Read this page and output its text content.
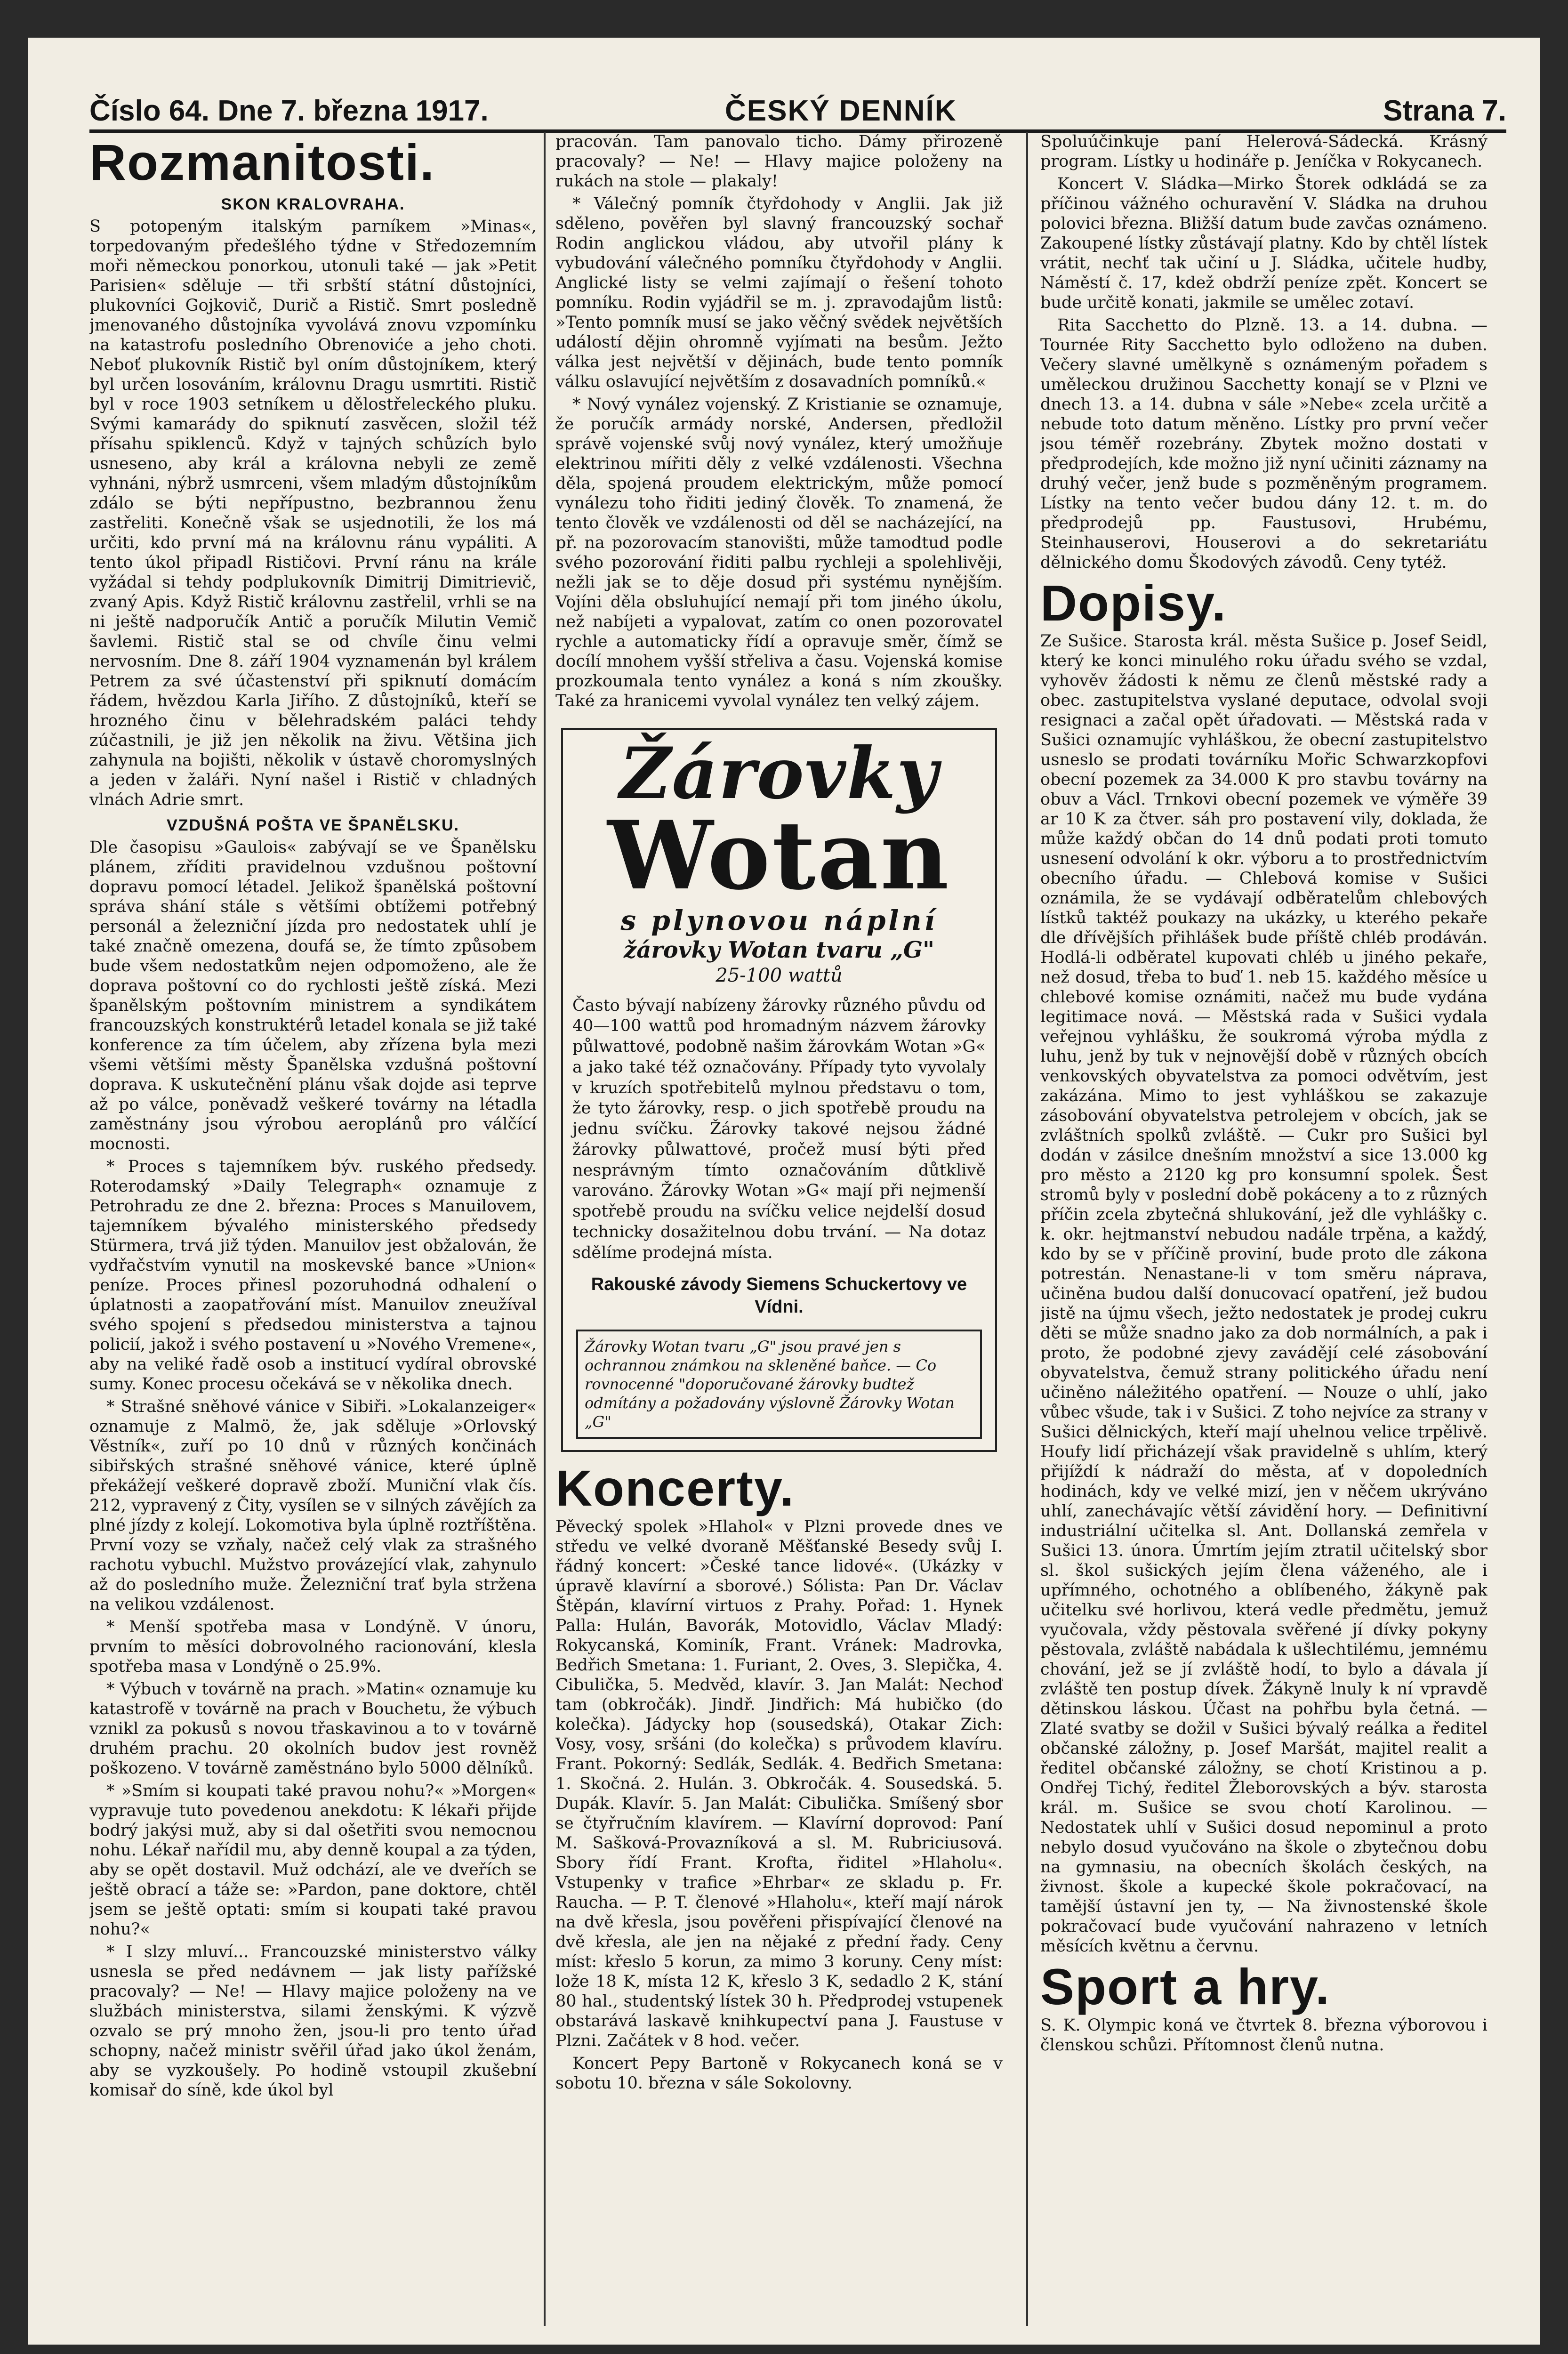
Číslo 64. Dne 7. března 1917.	ČESKÝ DENNÍK	Strana 7.
Rozmanitosti.
SKON KRALOVRAHA.

S potopeným italským parníkem »Minas«, torpedovaným předešlého týdne v Středozemním moři německou ponorkou, utonuli také — jak »Petit Parisien« sděluje — tři srbští státní důstojníci, plukovníci Gojkovič, Durič a Ristič. Smrt posledně jmenovaného důstojníka vyvolává znovu vzpomínku na katastrofu posledního Obrenoviće a jeho choti. Neboť plukovník Ristič byl oním důstojníkem, který byl určen losováním, královnu Dragu usmrtiti. Ristič byl v roce 1903 setníkem u dělostřeleckého pluku. Svými kamarády do spiknutí zasvěcen, složil též přísahu spiklenců. Když v tajných schůzích bylo usneseno, aby král a královna nebyli ze země vyhnáni, nýbrž usmrceni, všem mladým důstojníkům zdálo se býti nepřípustno, bezbrannou ženu zastřeliti. Konečně však se usjednotili, že los má určiti, kdo první má na královnu ránu vypáliti. A tento úkol připadl Rističovi. První ránu na krále vyžádal si tehdy podplukovník Dimitrij Dimitrievič, zvaný Apis. Když Ristič královnu zastřelil, vrhli se na ni ještě nadporučík Antič a poručík Milutin Vemič šavlemi. Ristič stal se od chvíle činu velmi nervosním. Dne 8. září 1904 vyznamenán byl králem Petrem za své účastenství při spiknutí domácím řádem, hvězdou Karla Jiřího. Z důstojníků, kteří se hrozného činu v bělehradském paláci tehdy zúčastnili, je již jen několik na živu. Většina jich zahynula na bojišti, několik v ústavě choromyslných a jeden v žaláři. Nyní našel i Ristič v chladných vlnách Adrie smrt.

VZDUŠNÁ POŠTA VE ŠPANĚLSKU.

Dle časopisu »Gaulois« zabývají se ve Španělsku plánem, zříditi pravidelnou vzdušnou poštovní dopravu pomocí létadel. Jelikož španělská poštovní správa shání stále s většími obtížemi potřebný personál a železniční jízda pro nedostatek uhlí je také značně omezena, doufá se, že tímto způsobem bude všem nedostatkům nejen odpomoženo, ale že doprava poštovní co do rychlosti ještě získá. Mezi španělským poštovním ministrem a syndikátem francouzských konstruktérů letadel konala se již také konference za tím účelem, aby zřízena byla mezi všemi většími městy Španělska vzdušná poštovní doprava. K uskutečnění plánu však dojde asi teprve až po válce, poněvadž veškeré továrny na létadla zaměstnány jsou výrobou aeroplánů pro válčící mocnosti.

* Proces s tajemníkem býv. ruského předsedy. Roterodamský »Daily Telegraph« oznamuje z Petrohradu ze dne 2. března: Proces s Manuilovem, tajemníkem bývalého ministerského předsedy Stürmera, trvá již týden. Manuilov jest obžalován, že vydřačstvím vynutil na moskevské bance »Union« peníze. Proces přinesl pozoruhodná odhalení o úplatnosti a zaopatřování míst. Manuilov zneužíval svého spojení s předsedou ministerstva a tajnou policií, jakož i svého postavení u »Nového Vremene«, aby na veliké řadě osob a institucí vydíral obrovské sumy. Konec procesu očekává se v několika dnech.

* Strašné sněhové vánice v Sibiři. »Lokalanzeiger« oznamuje z Malmö, že, jak sděluje »Orlovský Věstník«, zuří po 10 dnů v různých končinách sibiřských strašné sněhové vánice, které úplně překážejí veškeré dopravě zboží. Muniční vlak čís. 212, vypravený z Čity, vysílen se v silných závějích za plné jízdy z kolejí. Lokomotiva byla úplně roztříštěna. První vozy se vzňaly, načež celý vlak za strašného rachotu vybuchl. Mužstvo provázející vlak, zahynulo až do posledního muže. Železniční trať byla stržena na velikou vzdálenost.

* Menší spotřeba masa v Londýně. V únoru, prvním to měsíci dobrovolného racionování, klesla spotřeba masa v Londýně o 25.9%.

* Výbuch v továrně na prach. »Matin« oznamuje ku katastrofě v továrně na prach v Bouchetu, že výbuch vznikl za pokusů s novou třaskavinou a to v továrně druhém prachu. 20 okolních budov jest rovněž poškozeno. V továrně zaměstnáno bylo 5000 dělníků.

* »Smím si koupati také pravou nohu?« »Morgen« vypravuje tuto povedenou anekdotu: K lékaři přijde bodrý jakýsi muž, aby si dal ošetřiti svou nemocnou nohu. Lékař nařídil mu, aby denně koupal a za týden, aby se opět dostavil. Muž odchází, ale ve dveřích se ještě obrací a táže se: »Pardon, pane doktore, chtěl jsem se ještě optati: smím si koupati také pravou nohu?«

* I slzy mluví... Francouzské ministerstvo války usnesla se před nedávnem — jak listy pařížské pracovaly? — Ne! — Hlavy majice položeny na ve službách ministerstva, silami ženskými. K výzvě ozvalo se prý mnoho žen, jsou-li pro tento úřad schopny, načež ministr svěřil úřad jako úkol ženám, aby se vyzkoušely. Po hodině vstoupil zkušební komisař do síně, kde úkol byl

pracován. Tam panovalo ticho. Dámy přirozeně pracovaly? — Ne! — Hlavy majice položeny na rukách na stole — plakaly!

* Válečný pomník čtyřdohody v Anglii. Jak již sděleno, pověřen byl slavný francouzský sochař Rodin anglickou vládou, aby utvořil plány k vybudování válečného pomníku čtyřdohody v Anglii. Anglické listy se velmi zajímají o řešení tohoto pomníku. Rodin vyjádřil se m. j. zpravodajům listů: »Tento pomník musí se jako věčný svědek největších událostí dějin ohromně vyjímati na besům. Ježto válka jest největší v dějinách, bude tento pomník válku oslavující největším z dosavadních pomníků.«

* Nový vynález vojenský. Z Kristianie se oznamuje, že poručík armády norské, Andersen, předložil správě vojenské svůj nový vynález, který umožňuje elektrinou mířiti děly z velké vzdálenosti. Všechna děla, spojená proudem elektrickým, může pomocí vynálezu toho řiditi jediný člověk. To znamená, že tento člověk ve vzdálenosti od děl se nacházející, na př. na pozorovacím stanovišti, může tamodtud podle svého pozorování řiditi palbu rychleji a spolehlivěji, nežli jak se to děje dosud při systému nynějším. Vojíni děla obsluhující nemají při tom jiného úkolu, než nabíjeti a vypalovat, zatím co onen pozorovatel rychle a automaticky řídí a opravuje směr, čímž se docílí mnohem vyšší střeliva a času. Vojenská komise prozkoumala tento vynález a koná s ním zkoušky. Také za hranicemi vyvolal vynález ten velký zájem.

Žárovky
Wotan
s plynovou náplní
žárovky Wotan tvaru „G"
25-100 wattů
Často bývají nabízeny žárovky různého půvdu od 40—100 wattů pod hromadným názvem žárovky půlwattové, podobně našim žárovkám Wotan »G« a jako také též označovány. Případy tyto vyvolaly v kruzích spotřebitelů mylnou představu o tom, že tyto žárovky, resp. o jich spotřebě proudu na jednu svíčku. Žárovky takové nejsou žádné žárovky půlwattové, pročež musí býti před nesprávným tímto označováním důtklivě varováno. Žárovky Wotan »G« mají při nejmenší spotřebě proudu na svíčku velice nejdelší dosud technicky dosažitelnou dobu trvání. — Na dotaz sdělíme prodejná místa.
Rakouské závody Siemens Schuckertovy ve Vídni.
Žárovky Wotan tvaru „G" jsou pravé jen s ochrannou známkou na skleněné baňce. — Co rovnocenné "doporučované žárovky budtež odmítány a požadovány výslovně Žárovky Wotan „G"
Koncerty.

Pěvecký spolek »Hlahol« v Plzni provede dnes ve středu ve velké dvoraně Měšťanské Besedy svůj I. řádný koncert: »České tance lidové«. (Ukázky v úpravě klavírní a sborové.) Sólista: Pan Dr. Václav Štěpán, klavírní virtuos z Prahy. Pořad: 1. Hynek Palla: Hulán, Bavorák, Motovidlo, Václav Mladý: Rokycanská, Kominík, Frant. Vránek: Madrovka, Bedřich Smetana: 1. Furiant, 2. Oves, 3. Slepička, 4. Cibulička, 5. Medvěd, klavír. 3. Jan Malát: Nechoď tam (obkročák). Jindř. Jindřich: Má hubičko (do kolečka). Jádycky hop (sousedská), Otakar Zich: Vosy, vosy, sršáni (do kolečka) s průvodem klavíru. Frant. Pokorný: Sedlák, Sedlák. 4. Bedřich Smetana: 1. Skočná. 2. Hulán. 3. Obkročák. 4. Sousedská. 5. Dupák. Klavír. 5. Jan Malát: Cibulička. Smíšený sbor se čtyřručním klavírem. — Klavírní doprovod: Paní M. Sašková-Provazníková a sl. M. Rubriciusová. Sbory řídí Frant. Krofta, řiditel »Hlaholu«. Vstupenky v trafice »Ehrbar« ze skladu p. Fr. Raucha. — P. T. členové »Hlaholu«, kteří mají nárok na dvě křesla, jsou pověřeni přispívající členové na dvě křesla, ale jen na nějaké z přední řady. Ceny míst: křeslo 5 korun, za mimo 3 koruny. Ceny míst: lože 18 K, místa 12 K, křeslo 3 K, sedadlo 2 K, stání 80 hal., studentský lístek 30 h. Předprodej vstupenek obstarává laskavě knihkupectví pana J. Faustuse v Plzni. Začátek v 8 hod. večer.

Koncert Pepy Bartoně v Rokycanech koná se v sobotu 10. března v sále Sokolovny.

Spoluúčinkuje paní Helerová-Sádecká. Krásný program. Lístky u hodináře p. Jeníčka v Rokycanech.

Koncert V. Sládka—Mirko Štorek odkládá se za příčinou vážného ochuravění V. Sládka na druhou polovici března. Bližší datum bude zavčas oznámeno. Zakoupené lístky zůstávají platny. Kdo by chtěl lístek vrátit, nechť tak učiní u J. Sládka, učitele hudby, Náměstí č. 17, kdež obdrží peníze zpět. Koncert se bude určitě konati, jakmile se umělec zotaví.

Rita Sacchetto do Plzně. 13. a 14. dubna. — Tournée Rity Sacchetto bylo odloženo na duben. Večery slavné umělkyně s oznámeným pořadem s uměleckou družinou Sacchetty konají se v Plzni ve dnech 13. a 14. dubna v sále »Nebe« zcela určitě a nebude toto datum měněno. Lístky pro první večer jsou téměř rozebrány. Zbytek možno dostati v předprodejích, kde možno již nyní učiniti záznamy na druhý večer, jenž bude s pozměněným programem. Lístky na tento večer budou dány 12. t. m. do předprodejů pp. Faustusovi, Hrubému, Steinhauserovi, Houserovi a do sekretariátu dělnického domu Škodových závodů. Ceny tytéž.

Dopisy.

Ze Sušice. Starosta král. města Sušice p. Josef Seidl, který ke konci minulého roku úřadu svého se vzdal, vyhověv žádosti k němu ze členů městské rady a obec. zastupitelstva vyslané deputace, odvolal svoji resignaci a začal opět úřadovati. — Městská rada v Sušici oznamujíc vyhláškou, že obecní zastupitelstvo usneslo se prodati továrníku Mořic Schwarzkopfovi obecní pozemek za 34.000 K pro stavbu továrny na obuv a Václ. Trnkovi obecní pozemek ve výměře 39 ar 10 K za čtver. sáh pro postavení vily, doklada, že může každý občan do 14 dnů podati proti tomuto usnesení odvolání k okr. výboru a to prostřednictvím obecního úřadu. — Chlebová komise v Sušici oznámila, že se vydávají odběratelům chlebových lístků taktéž poukazy na ukázky, u kterého pekaře dle dřívějších přihlášek bude příště chléb prodáván. Hodlá-li odběratel kupovati chléb u jiného pekaře, než dosud, třeba to buď 1. neb 15. každého měsíce u chlebové komise oznámiti, načež mu bude vydána legitimace nová. — Městská rada v Sušici vydala veřejnou vyhlášku, že soukromá výroba mýdla z luhu, jenž by tuk v nejnovější době v různých obcích venkovských obyvatelstva za pomoci odvětvím, jest zakázána. Mimo to jest vyhláškou se zakazuje zásobování obyvatelstva petrolejem v obcích, jak se zvláštních spolků zvláště. — Cukr pro Sušici byl dodán v zásilce dnešním množství a sice 13.000 kg pro město a 2120 kg pro konsumní spolek. Šest stromů byly v poslední době pokáceny a to z různých příčin zcela zbytečná shlukování, jež dle vyhlášky c. k. okr. hejtmanství nebudou nadále trpěna, a každý, kdo by se v příčině proviní, bude proto dle zákona potrestán. Nenastane-li v tom směru náprava, učiněna budou další donucovací opatření, jež budou jistě na újmu všech, ježto nedostatek je prodej cukru děti se může snadno jako za dob normálních, a pak i proto, že podobné zjevy zavádějí celé zásobování obyvatelstva, čemuž strany politického úřadu není učiněno náležitého opatření. — Nouze o uhlí, jako vůbec všude, tak i v Sušici. Z toho nejvíce za strany v Sušici dělnických, kteří mají uhelnou velice trpělivě. Houfy lidí přicházejí však pravidelně s uhlím, který přijíždí k nádraží do města, ať v dopoledních hodinách, kdy ve velké mizí, jen v něčem ukrýváno uhlí, zanechávajíc větší závidění hory. — Definitivní industriální učitelka sl. Ant. Dollanská zemřela v Sušici 13. února. Úmrtím jejím ztratil učitelský sbor sl. škol sušických jejím člena váženého, ale i upřímného, ochotného a oblíbeného, žákyně pak učitelku své horlivou, která vedle předmětu, jemuž vyučovala, vždy pěstovala svěřené jí dívky pokyny pěstovala, zvláště nabádala k ušlechtilému, jemnému chování, jež se jí zvláště hodí, to bylo a dávala jí zvláště ten postup dívek. Žákyně lnuly k ní vpravdě dětinskou láskou. Účast na pohřbu byla četná. — Zlaté svatby se dožil v Sušici bývalý reálka a ředitel občanské záložny, p. Josef Maršát, majitel realit a ředitel občanské záložny, se chotí Kristinou a p. Ondřej Tichý, ředitel Žleborovských a býv. starosta král. m. Sušice se svou chotí Karolinou. — Nedostatek uhlí v Sušici dosud nepominul a proto nebylo dosud vyučováno na škole o zbytečnou dobu na gymnasiu, na obecních školách českých, na živnost. škole a kupecké škole pokračovací, na tamější ústavní jen ty, — Na živnostenské škole pokračovací bude vyučování nahrazeno v letních měsících květnu a červnu.

Sport a hry.

S. K. Olympic koná ve čtvrtek 8. března výborovou i členskou schůzi. Přítomnost členů nutna.
